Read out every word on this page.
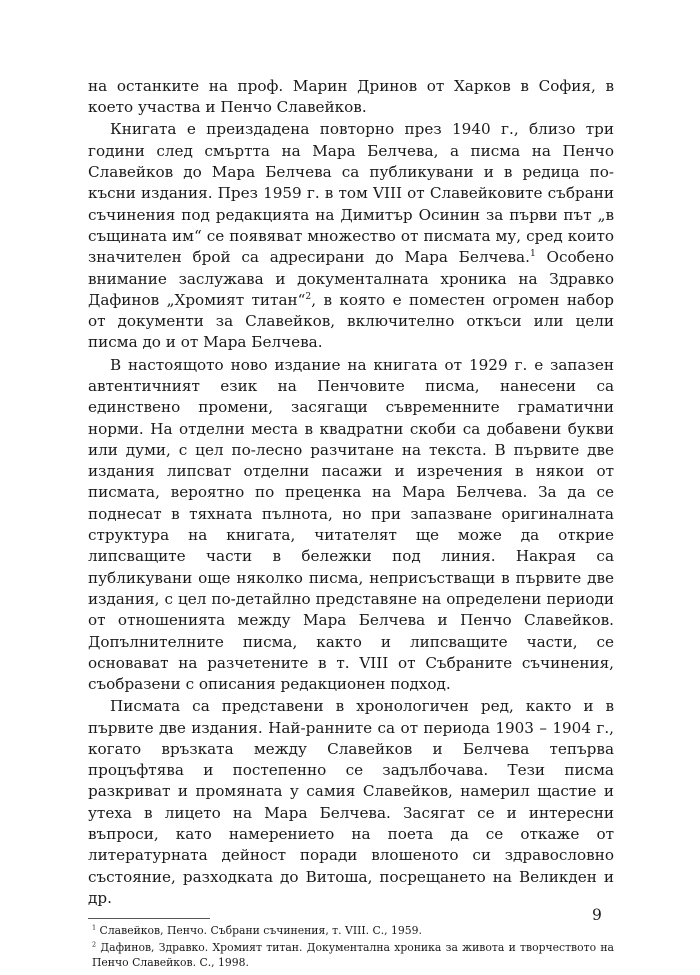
на останките на проф. Марин Дринов от Харков в София, в което участва и Пенчо Славейков.

Книгата е преиздадена повторно през 1940 г., близо три години след смъртта на Мара Белчева, а писма на Пенчо Славейков до Мара Белчева са публикувани и в редица по-късни издания. През 1959 г. в том VIII от Славейковите събрани съчинения под редакцията на Димитър Осинин за първи път „в същината им“ се появяват множество от писмата му, сред които значителен брой са адресирани до Мара Белчева.$^1$ Особено внимание заслужава и документалната хроника на Здравко Дафинов „Хромият титан“$^2$, в която е поместен огромен набор от документи за Славейков, включително откъси или цели писма до и от Мара Белчева.

В настоящото ново издание на книгата от 1929 г. е запазен автентичният език на Пенчовите писма, нанесени са единствено промени, засягащи съвременните граматични норми. На отделни места в квадратни скоби са добавени букви или думи, с цел по-лесно разчитане на текста. В първите две издания липсват отделни пасажи и изречения в някои от писмата, вероятно по преценка на Мара Белчева. За да се поднесат в тяхната пълнота, но при запазване оригиналната структура на книгата, читателят ще може да открие липсващите части в бележки под линия. Накрая са публикувани още няколко писма, неприсъстващи в първите две издания, с цел по-детайлно представяне на определени периоди от отношенията между Мара Белчева и Пенчо Славейков. Допълнителните писма, както и липсващите части, се основават на разчетените в т. VIII от Събраните съчинения, съобразени с описания редакционен подход.

Писмата са представени в хронологичен ред, както и в първите две издания. Най-ранните са от периода 1903 – 1904 г., когато връзката между Славейков и Белчева тепърва процъфтява и постепенно се задълбочава. Тези писма разкриват и промяната у самия Славейков, намерил щастие и утеха в лицето на Мара Белчева. Засягат се и интересни въпроси, като намерението на поета да се откаже от литературната дейност поради влошеното си здравословно състояние, разходката до Витоша, посрещането на Великден и др.

$^1$ Славейков, Пенчо. Събрани съчинения, т. VIII. С., 1959.

$^2$ Дафинов, Здравко. Хромият титан. Документална хроника за живота и творчеството на Пенчо Славейков. С., 1998.

9
